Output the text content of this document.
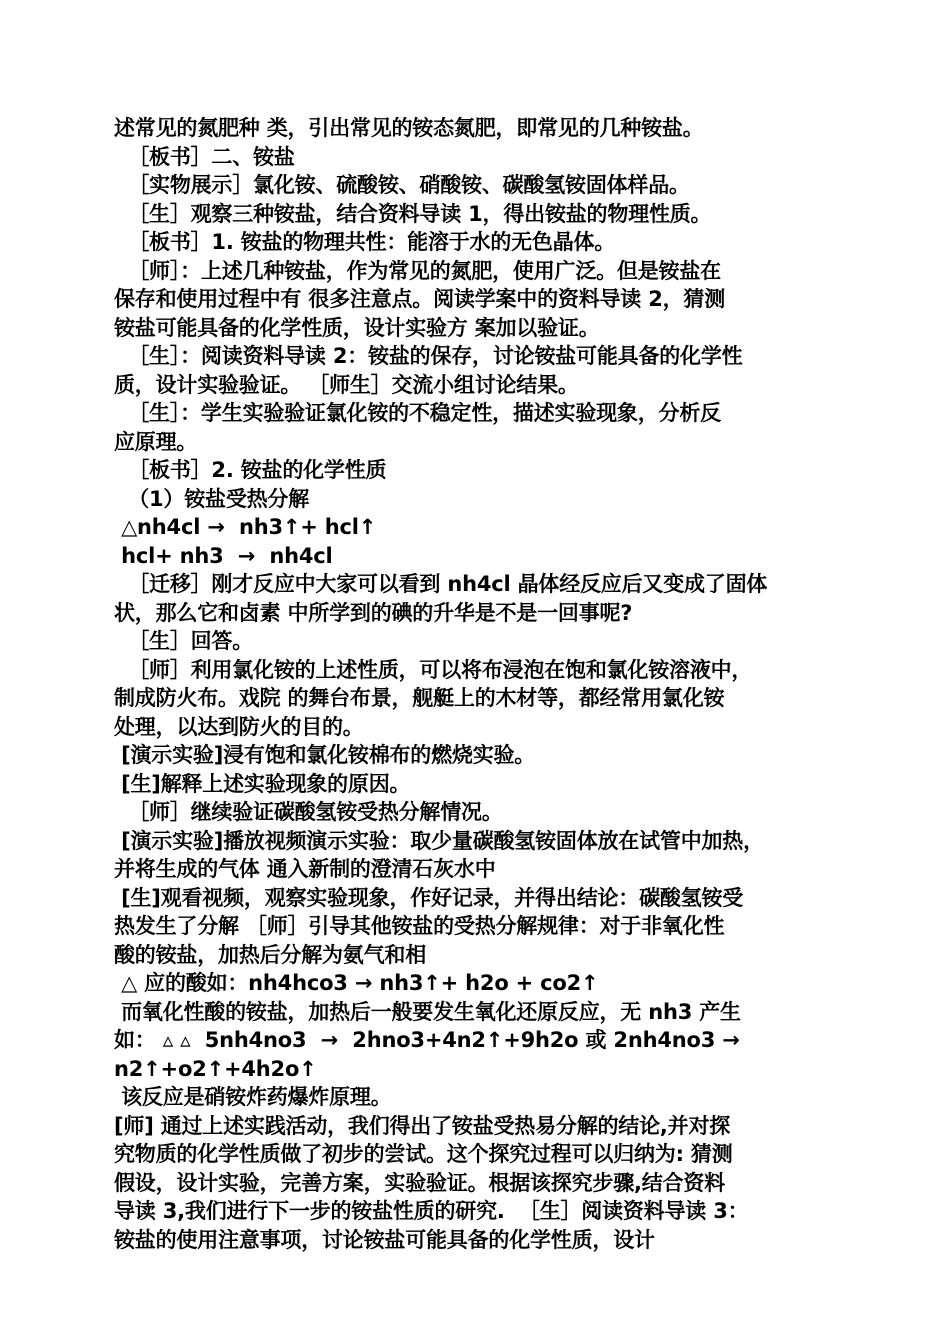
述常见的氮肥种 类，引出常见的铵态氮肥，即常见的几种铵盐。
［板书］二、铵盐
［实物展示］氯化铵、硫酸铵、硝酸铵、碳酸氢铵固体样品。
［生］观察三种铵盐，结合资料导读 1，得出铵盐的物理性质。
［板书］1. 铵盐的物理共性：能溶于水的无色晶体。
［师］：上述几种铵盐，作为常见的氮肥，使用广泛。但是铵盐在
保存和使用过程中有 很多注意点。阅读学案中的资料导读 2，猜测
铵盐可能具备的化学性质，设计实验方 案加以验证。
［生］：阅读资料导读 2：铵盐的保存，讨论铵盐可能具备的化学性
质，设计实验验证。 ［师生］交流小组讨论结果。
［生］：学生实验验证氯化铵的不稳定性，描述实验现象，分析反
应原理。
［板书］2. 铵盐的化学性质
（1）铵盐受热分解
△nh4cl →  nh3↑+ hcl↑
hcl+ nh3  →  nh4cl
［迁移］刚才反应中大家可以看到 nh4cl 晶体经反应后又变成了固体
状，那么它和卤素 中所学到的碘的升华是不是一回事呢?
［生］回答。
［师］利用氯化铵的上述性质，可以将布浸泡在饱和氯化铵溶液中，
制成防火布。戏院 的舞台布景，舰艇上的木材等，都经常用氯化铵
处理，以达到防火的目的。
[演示实验]浸有饱和氯化铵棉布的燃烧实验。
[生]解释上述实验现象的原因。
［师］继续验证碳酸氢铵受热分解情况。
[演示实验]播放视频演示实验：取少量碳酸氢铵固体放在试管中加热，
并将生成的气体 通入新制的澄清石灰水中
[生]观看视频，观察实验现象，作好记录，并得出结论：碳酸氢铵受
热发生了分解 ［师］引导其他铵盐的受热分解规律：对于非氧化性
酸的铵盐，加热后分解为氨气和相
△ 应的酸如：nh4hco3 → nh3↑+ h2o + co2↑
而氧化性酸的铵盐，加热后一般要发生氧化还原反应，无 nh3 产生
如： ▵ ▵  5nh4no3  →  2hno3+4n2↑+9h2o 或 2nh4no3 →
n2↑+o2↑+4h2o↑
该反应是硝铵炸药爆炸原理。
[师] 通过上述实践活动，我们得出了铵盐受热易分解的结论,并对探
究物质的化学性质做了初步的尝试。这个探究过程可以归纳为: 猜测
假设，设计实验，完善方案，实验验证。根据该探究步骤,结合资料
导读 3,我们进行下一步的铵盐性质的研究.  ［生］阅读资料导读 3：
铵盐的使用注意事项，讨论铵盐可能具备的化学性质，设计
